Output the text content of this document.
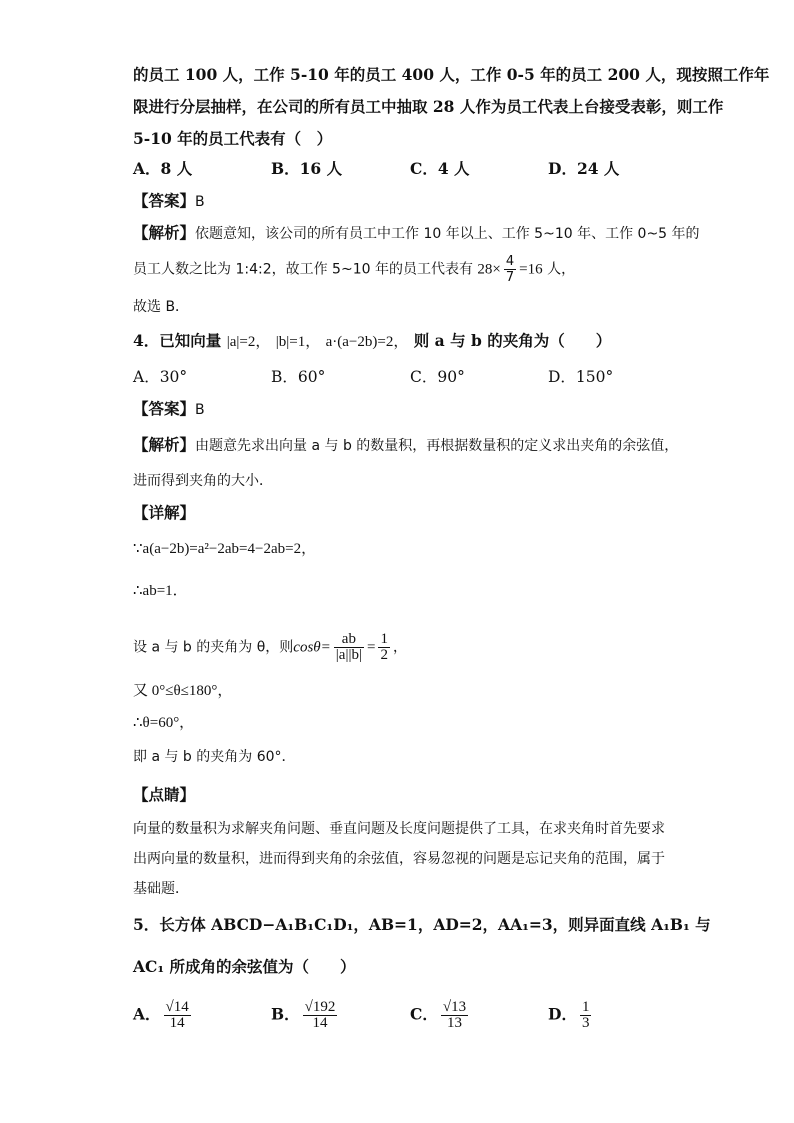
的员工 100 人，工作 5-10 年的员工 400 人，工作 0-5 年的员工 200 人，现按照工作年
限进行分层抽样，在公司的所有员工中抽取 28 人作为员工代表上台接受表彰，则工作
5-10 年的员工代表有（　）
A．8 人	B．16 人	C．4 人	D．24 人
【答案】B
【解析】依题意知，该公司的所有员工中工作 10 年以上、工作 5~10 年、工作 0~5 年的
员工人数之比为 1:4:2，故工作 5~10 年的员工代表有 $28\times \frac{4}{7} =16$ 人，
故选 B．
4．已知向量 |a|=2， |b|=1， a·(a−2b)=2， 则 a 与 b 的夹角为（　　）
A．30°	B．60°	C．90°	D．150°
【答案】B
【解析】由题意先求出向量 a 与 b 的数量积，再根据数量积的定义求出夹角的余弦值，
进而得到夹角的大小．
【详解】
∵a(a−2b)=a²−2ab=4−2ab=2，
∴ab=1．
设 a 与 b 的夹角为 θ，则$\cos\theta= \frac{ab}{|a||b|} = \frac{1}{2}$ ，
又 0°≤θ≤180°，
∴θ=60°，
即 a 与 b 的夹角为 60°．
【点睛】
向量的数量积为求解夹角问题、垂直问题及长度问题提供了工具，在求夹角时首先要求
出两向量的数量积，进而得到夹角的余弦值，容易忽视的问题是忘记夹角的范围，属于
基础题．
5．长方体 ABCD−A₁B₁C₁D₁，AB=1，AD=2，AA₁=3，则异面直线 A₁B₁ 与
AC₁ 所成角的余弦值为（　　）
A． $\frac{√14}{14}$	B． $\frac{√192}{14}$	C． $\frac{√13}{13}$	D． $\frac{1}{3}$
